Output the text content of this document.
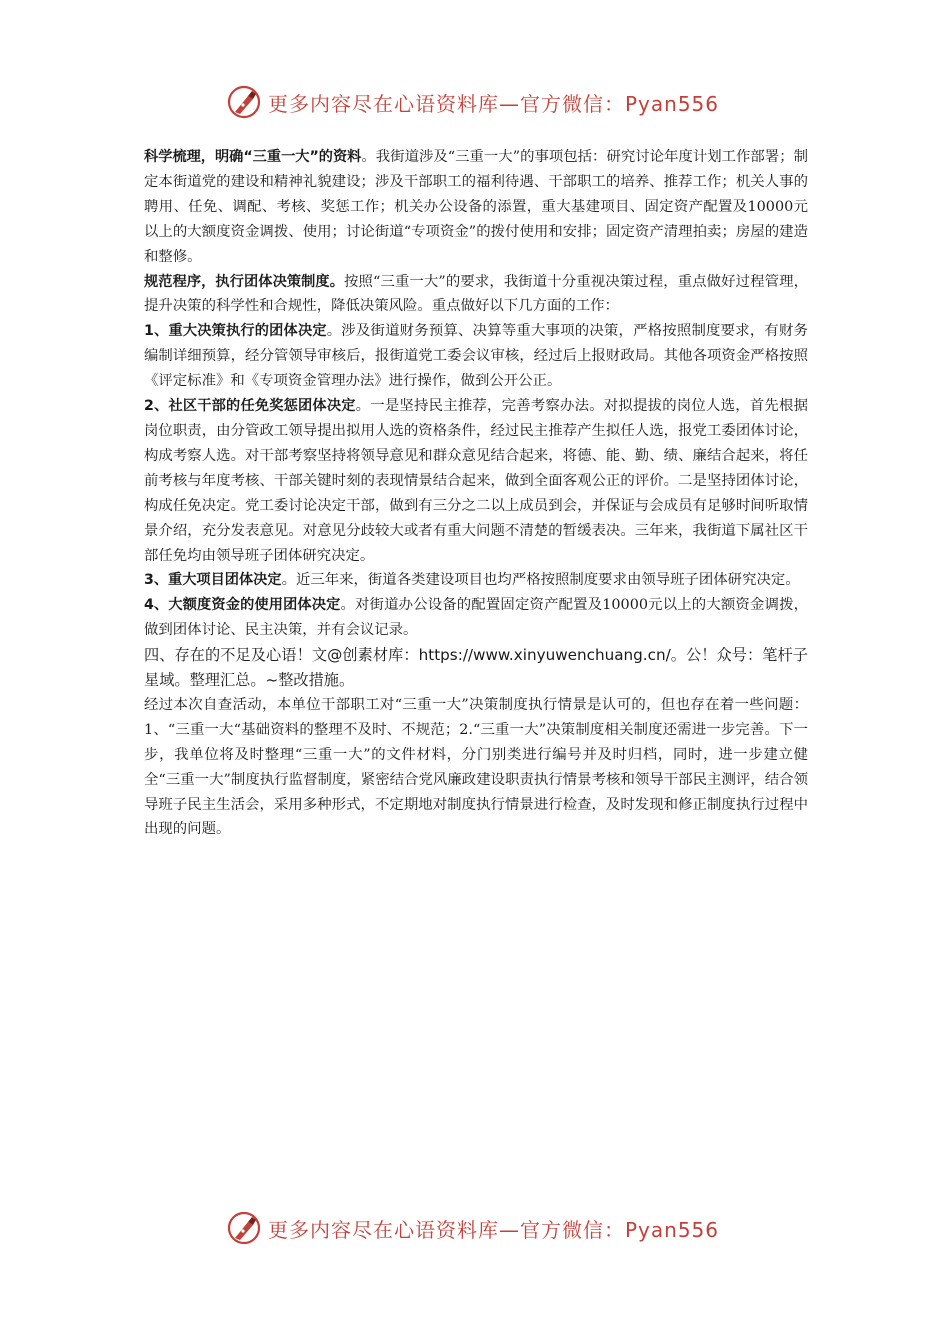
更多内容尽在心语资料库—官方微信：Pyan556

科学梳理，明确“三重一大”的资料。我街道涉及“三重一大”的事项包括：研究讨论年度计划工作部署；制定本街道党的建设和精神礼貌建设；涉及干部职工的福利待遇、干部职工的培养、推荐工作；机关人事的聘用、任免、调配、考核、奖惩工作；机关办公设备的添置，重大基建项目、固定资产配置及10000元以上的大额度资金调拨、使用；讨论街道“专项资金”的拨付使用和安排；固定资产清理拍卖；房屋的建造和整修。

规范程序，执行团体决策制度。按照“三重一大”的要求，我街道十分重视决策过程，重点做好过程管理，提升决策的科学性和合规性，降低决策风险。重点做好以下几方面的工作：

1、重大决策执行的团体决定。涉及街道财务预算、决算等重大事项的决策，严格按照制度要求，有财务编制详细预算，经分管领导审核后，报街道党工委会议审核，经过后上报财政局。其他各项资金严格按照《评定标准》和《专项资金管理办法》进行操作，做到公开公正。

2、社区干部的任免奖惩团体决定。一是坚持民主推荐，完善考察办法。对拟提拔的岗位人选，首先根据岗位职责，由分管政工领导提出拟用人选的资格条件，经过民主推荐产生拟任人选，报党工委团体讨论，构成考察人选。对干部考察坚持将领导意见和群众意见结合起来，将德、能、勤、绩、廉结合起来，将任前考核与年度考核、干部关键时刻的表现情景结合起来，做到全面客观公正的评价。二是坚持团体讨论，构成任免决定。党工委讨论决定干部，做到有三分之二以上成员到会，并保证与会成员有足够时间听取情景介绍，充分发表意见。对意见分歧较大或者有重大问题不清楚的暂缓表决。三年来，我街道下属社区干部任免均由领导班子团体研究决定。

3、重大项目团体决定。近三年来，街道各类建设项目也均严格按照制度要求由领导班子团体研究决定。

4、大额度资金的使用团体决定。对街道办公设备的配置固定资产配置及10000元以上的大额资金调拨，做到团体讨论、民主决策，并有会议记录。

四、存在的不足及心语！文@创素材库：https://www.xinyuwenchuang.cn/。公！众号：笔杆子星域。整理汇总。~整改措施。

经过本次自查活动，本单位干部职工对“三重一大”决策制度执行情景是认可的，但也存在着一些问题：1、“三重一大“基础资料的整理不及时、不规范；2.“三重一大”决策制度相关制度还需进一步完善。下一步，我单位将及时整理“三重一大”的文件材料，分门别类进行编号并及时归档，同时，进一步建立健全“三重一大”制度执行监督制度，紧密结合党风廉政建设职责执行情景考核和领导干部民主测评，结合领导班子民主生活会，采用多种形式，不定期地对制度执行情景进行检查，及时发现和修正制度执行过程中出现的问题。

更多内容尽在心语资料库—官方微信：Pyan556
